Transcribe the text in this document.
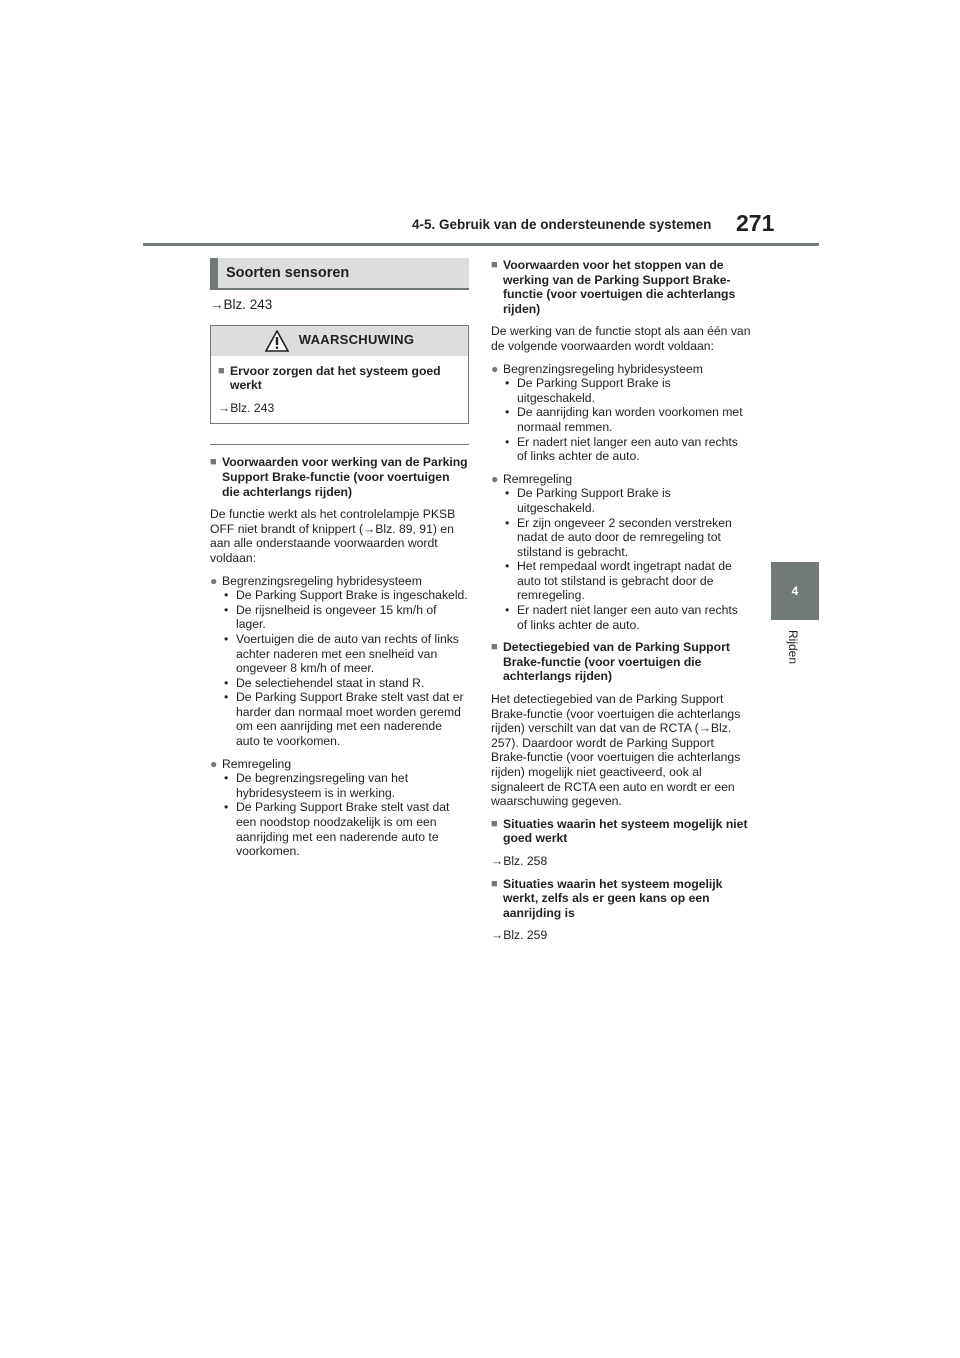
4-5. Gebruik van de ondersteunende systemen 271
4
Rijden
Soorten sensoren
→Blz. 243
WAARSCHUWING
■ Ervoor zorgen dat het systeem goed werkt
→Blz. 243
■ Voorwaarden voor werking van de Parking Support Brake-functie (voor voertuigen die achterlangs rijden)
De functie werkt als het controlelampje PKSB OFF niet brandt of knippert (→Blz. 89, 91) en aan alle onderstaande voorwaarden wordt voldaan:
● Begrenzingsregeling hybridesysteem
• De Parking Support Brake is ingeschakeld.
• De rijsnelheid is ongeveer 15 km/h of lager.
• Voertuigen die de auto van rechts of links achter naderen met een snelheid van ongeveer 8 km/h of meer.
• De selectiehendel staat in stand R.
• De Parking Support Brake stelt vast dat er harder dan normaal moet worden geremd om een aanrijding met een naderende auto te voorkomen.
● Remregeling
• De begrenzingsregeling van het hybridesysteem is in werking.
• De Parking Support Brake stelt vast dat een noodstop noodzakelijk is om een aanrijding met een naderende auto te voorkomen.
■ Voorwaarden voor het stoppen van de werking van de Parking Support Brake-functie (voor voertuigen die achterlangs rijden)
De werking van de functie stopt als aan één van de volgende voorwaarden wordt voldaan:
● Begrenzingsregeling hybridesysteem
• De Parking Support Brake is uitgeschakeld.
• De aanrijding kan worden voorkomen met normaal remmen.
• Er nadert niet langer een auto van rechts of links achter de auto.
● Remregeling
• De Parking Support Brake is uitgeschakeld.
• Er zijn ongeveer 2 seconden verstreken nadat de auto door de remregeling tot stilstand is gebracht.
• Het rempedaal wordt ingetrapt nadat de auto tot stilstand is gebracht door de remregeling.
• Er nadert niet langer een auto van rechts of links achter de auto.
■ Detectiegebied van de Parking Support Brake-functie (voor voertuigen die achterlangs rijden)
Het detectiegebied van de Parking Support Brake-functie (voor voertuigen die achterlangs rijden) verschilt van dat van de RCTA (→Blz. 257). Daardoor wordt de Parking Support Brake-functie (voor voertuigen die achterlangs rijden) mogelijk niet geactiveerd, ook al signaleert de RCTA een auto en wordt er een waarschuwing gegeven.
■ Situaties waarin het systeem mogelijk niet goed werkt
→Blz. 258
■ Situaties waarin het systeem mogelijk werkt, zelfs als er geen kans op een aanrijding is
→Blz. 259
